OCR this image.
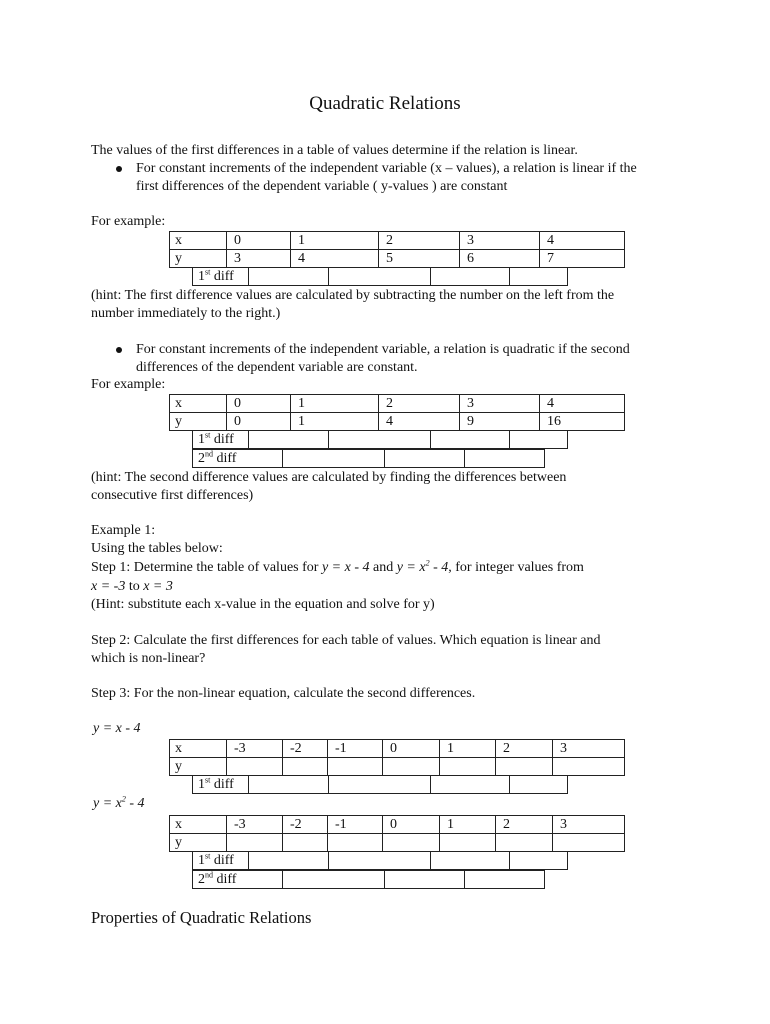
Quadratic Relations
The values of the first differences in a table of values determine if the relation is linear.
For constant increments of the independent variable (x – values), a relation is linear if the
first differences of the dependent variable ( y-values ) are constant
For example:
x	0	1	2	3	4
y	3	4	5	6	7
1st diff				
(hint: The first difference values are calculated by subtracting the number on the left from the
number immediately to the right.)
For constant increments of the independent variable, a relation is quadratic if the second
differences of the dependent variable are constant.
For example:
x	0	1	2	3	4
y	0	1	4	9	16
1st diff				
2nd diff			
(hint: The second difference values are calculated by finding the differences between
consecutive first differences)
Example 1:
Using the tables below:
Step 1: Determine the table of values for y = x - 4 and $y = x^2 - 4$, for integer values from
x = -3 to x = 3
(Hint: substitute each x-value in the equation and solve for y)
Step 2: Calculate the first differences for each table of values. Which equation is linear and
which is non-linear?
Step 3: For the non-linear equation, calculate the second differences.
y = x - 4
x	-3	-2	-1	0	1	2	3
y							
1st diff				
$y = x^2 - 4$
x	-3	-2	-1	0	1	2	3
y							
1st diff				
2nd diff			
Properties of Quadratic Relations
